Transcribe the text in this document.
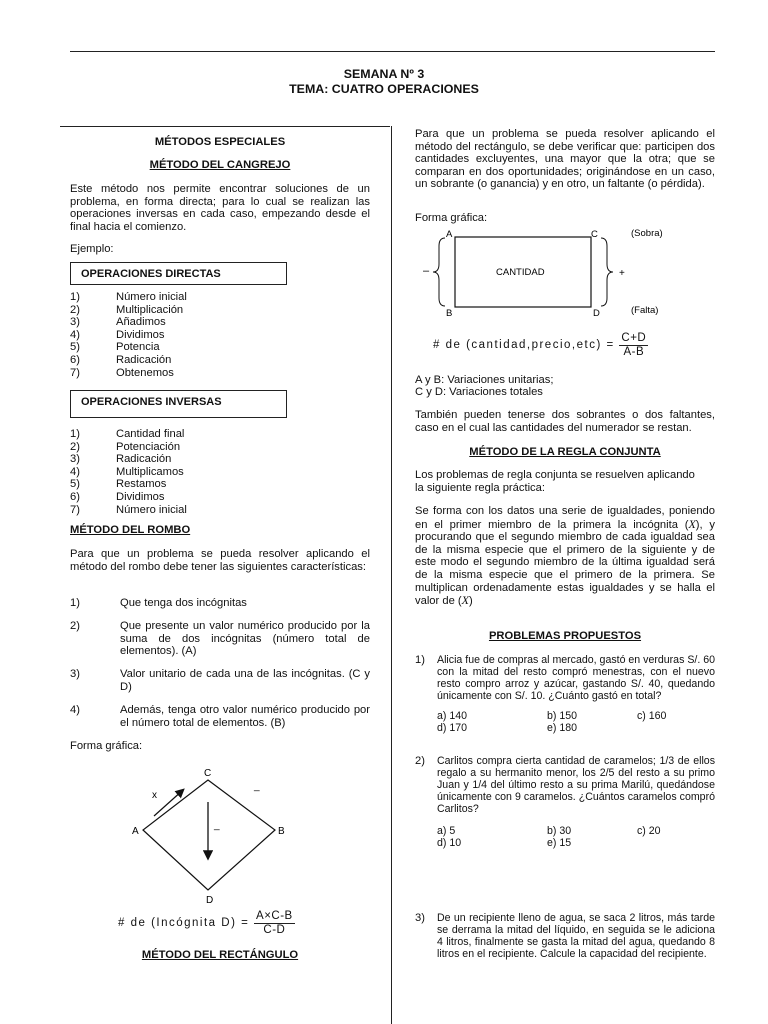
SEMANA Nº 3
TEMA: CUATRO OPERACIONES
MÉTODOS ESPECIALES
MÉTODO DEL CANGREJO
Este método nos permite encontrar soluciones de un problema, en forma directa; para lo cual se realizan las operaciones inversas en cada caso, empezando desde el final hacia el comienzo.
Ejemplo:
OPERACIONES DIRECTAS
1)	Número inicial
2)	Multiplicación
3)	Añadimos
4)	Dividimos
5)	Potencia
6)	Radicación
7)	Obtenemos
OPERACIONES INVERSAS
1)	Cantidad final
2)	Potenciación
3)	Radicación
4)	Multiplicamos
5)	Restamos
6)	Dividimos
7)	Número inicial
MÉTODO DEL ROMBO
Para que un problema se pueda resolver aplicando el método del rombo debe tener las siguientes características:
1)	Que tenga dos incógnitas
2)	Que presente un valor numérico producido por la suma de dos incógnitas (número total de elementos). (A)
3)	Valor unitario de cada una de las incógnitas. (C y D)
4)	Además, tenga otro valor numérico producido por el número total de elementos. (B)
Forma gráfica:
C
A	B
D
x
_
_
# de (Incógnita $D) = \frac{A\times C-B}{C-D}$
MÉTODO DEL RECTÁNGULO
Para que un problema se pueda resolver aplicando el método del rectángulo, se debe verificar que: participen dos cantidades excluyentes, una mayor que la otra; que se comparan en dos oportunidades; originándose en un caso, un sobrante (o ganancia) y en otro, un faltante (o pérdida).
Forma gráfica:
A	C
B	D
CANTIDAD
(Sobra)
(Falta)
–	+
# de (cantidad,precio,etc) = $\frac{C+D}{A-B}$
A y B: Variaciones unitarias;
C y D: Variaciones totales
También pueden tenerse dos sobrantes o dos faltantes, caso en el cual las cantidades del numerador se restan.
MÉTODO DE LA REGLA CONJUNTA
Los problemas de regla conjunta se resuelven aplicando la siguiente regla práctica:
Se forma con los datos una serie de igualdades, poniendo en el primer miembro de la primera la incógnita (X), y procurando que el segundo miembro de cada igualdad sea de la misma especie que el primero de la siguiente y de este modo el segundo miembro de la última igualdad será de la misma especie que el primero de la primera. Se multiplican ordenadamente estas igualdades y se halla el valor de (X)
PROBLEMAS PROPUESTOS
1)	Alicia fue de compras al mercado, gastó en verduras S/. 60 con la mitad del resto compró menestras, con el nuevo resto compro arroz y azúcar, gastando S/. 40, quedando únicamente con S/. 10. ¿Cuánto gastó en total?
a) 140	b) 150	c) 160
d) 170	e) 180
2)	Carlitos compra cierta cantidad de caramelos; 1/3 de ellos regalo a su hermanito menor, los 2/5 del resto a su primo Juan y 1/4 del último resto a su prima Marilú, quedándose únicamente con 9 caramelos. ¿Cuántos caramelos compró Carlitos?
a) 5	b) 30	c) 20
d) 10	e) 15
3)	De un recipiente lleno de agua, se saca 2 litros, más tarde se derrama la mitad del líquido, en seguida se le adiciona 4 litros, finalmente se gasta la mitad del agua, quedando 8 litros en el recipiente. Calcule la capacidad del recipiente.
